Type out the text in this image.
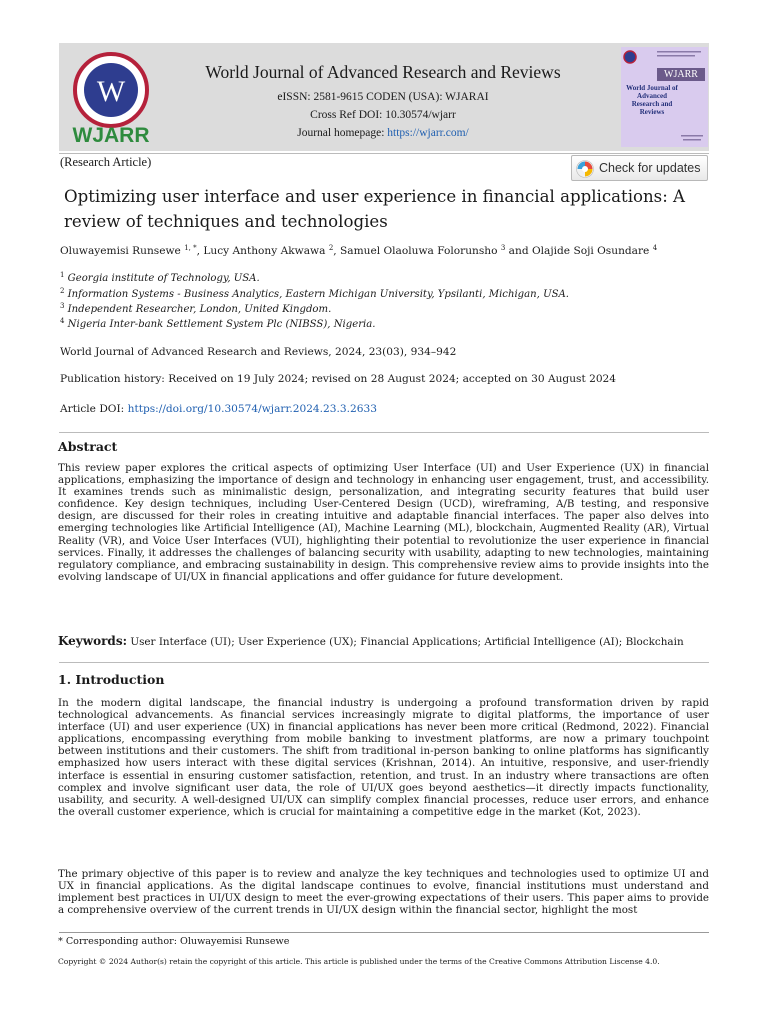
W
WJARR
World Journal of Advanced Research and Reviews
eISSN: 2581-9615 CODEN (USA): WJARAI
Cross Ref DOI: 10.30574/wjarr
Journal homepage: https://wjarr.com/
WJARR
World Journal of Advanced Research and Reviews
(Research Article)	Check for updates
Optimizing user interface and user experience in financial applications: A
review of techniques and technologies
Oluwayemisi Runsewe $^{1, *}$, Lucy Anthony Akwawa $^2$, Samuel Olaoluwa Folorunsho $^3$ and Olajide Soji Osundare $^4$
$^1$ Georgia institute of Technology, USA.
$^2$ Information Systems - Business Analytics, Eastern Michigan University, Ypsilanti, Michigan, USA.
$^3$ Independent Researcher, London, United Kingdom.
$^4$ Nigeria Inter-bank Settlement System Plc (NIBSS), Nigeria.
World Journal of Advanced Research and Reviews, 2024, 23(03), 934–942
Publication history: Received on 19 July 2024; revised on 28 August 2024; accepted on 30 August 2024
Article DOI: https://doi.org/10.30574/wjarr.2024.23.3.2633
Abstract
This review paper explores the critical aspects of optimizing User Interface (UI) and User Experience (UX) in financial applications, emphasizing the importance of design and technology in enhancing user engagement, trust, and accessibility. It examines trends such as minimalistic design, personalization, and integrating security features that build user confidence. Key design techniques, including User-Centered Design (UCD), wireframing, A/B testing, and responsive design, are discussed for their roles in creating intuitive and adaptable financial interfaces. The paper also delves into emerging technologies like Artificial Intelligence (AI), Machine Learning (ML), blockchain, Augmented Reality (AR), Virtual Reality (VR), and Voice User Interfaces (VUI), highlighting their potential to revolutionize the user experience in financial services. Finally, it addresses the challenges of balancing security with usability, adapting to new technologies, maintaining regulatory compliance, and embracing sustainability in design. This comprehensive review aims to provide insights into the evolving landscape of UI/UX in financial applications and offer guidance for future development.
Keywords: User Interface (UI); User Experience (UX); Financial Applications; Artificial Intelligence (AI); Blockchain
1. Introduction
In the modern digital landscape, the financial industry is undergoing a profound transformation driven by rapid technological advancements. As financial services increasingly migrate to digital platforms, the importance of user interface (UI) and user experience (UX) in financial applications has never been more critical (Redmond, 2022). Financial applications, encompassing everything from mobile banking to investment platforms, are now a primary touchpoint between institutions and their customers. The shift from traditional in-person banking to online platforms has significantly emphasized how users interact with these digital services (Krishnan, 2014). An intuitive, responsive, and user-friendly interface is essential in ensuring customer satisfaction, retention, and trust. In an industry where transactions are often complex and involve significant user data, the role of UI/UX goes beyond aesthetics—it directly impacts functionality, usability, and security. A well-designed UI/UX can simplify complex financial processes, reduce user errors, and enhance the overall customer experience, which is crucial for maintaining a competitive edge in the market (Kot, 2023).
The primary objective of this paper is to review and analyze the key techniques and technologies used to optimize UI and UX in financial applications. As the digital landscape continues to evolve, financial institutions must understand and implement best practices in UI/UX design to meet the ever-growing expectations of their users. This paper aims to provide a comprehensive overview of the current trends in UI/UX design within the financial sector, highlight the most
* Corresponding author: Oluwayemisi Runsewe
Copyright © 2024 Author(s) retain the copyright of this article. This article is published under the terms of the Creative Commons Attribution Liscense 4.0.
